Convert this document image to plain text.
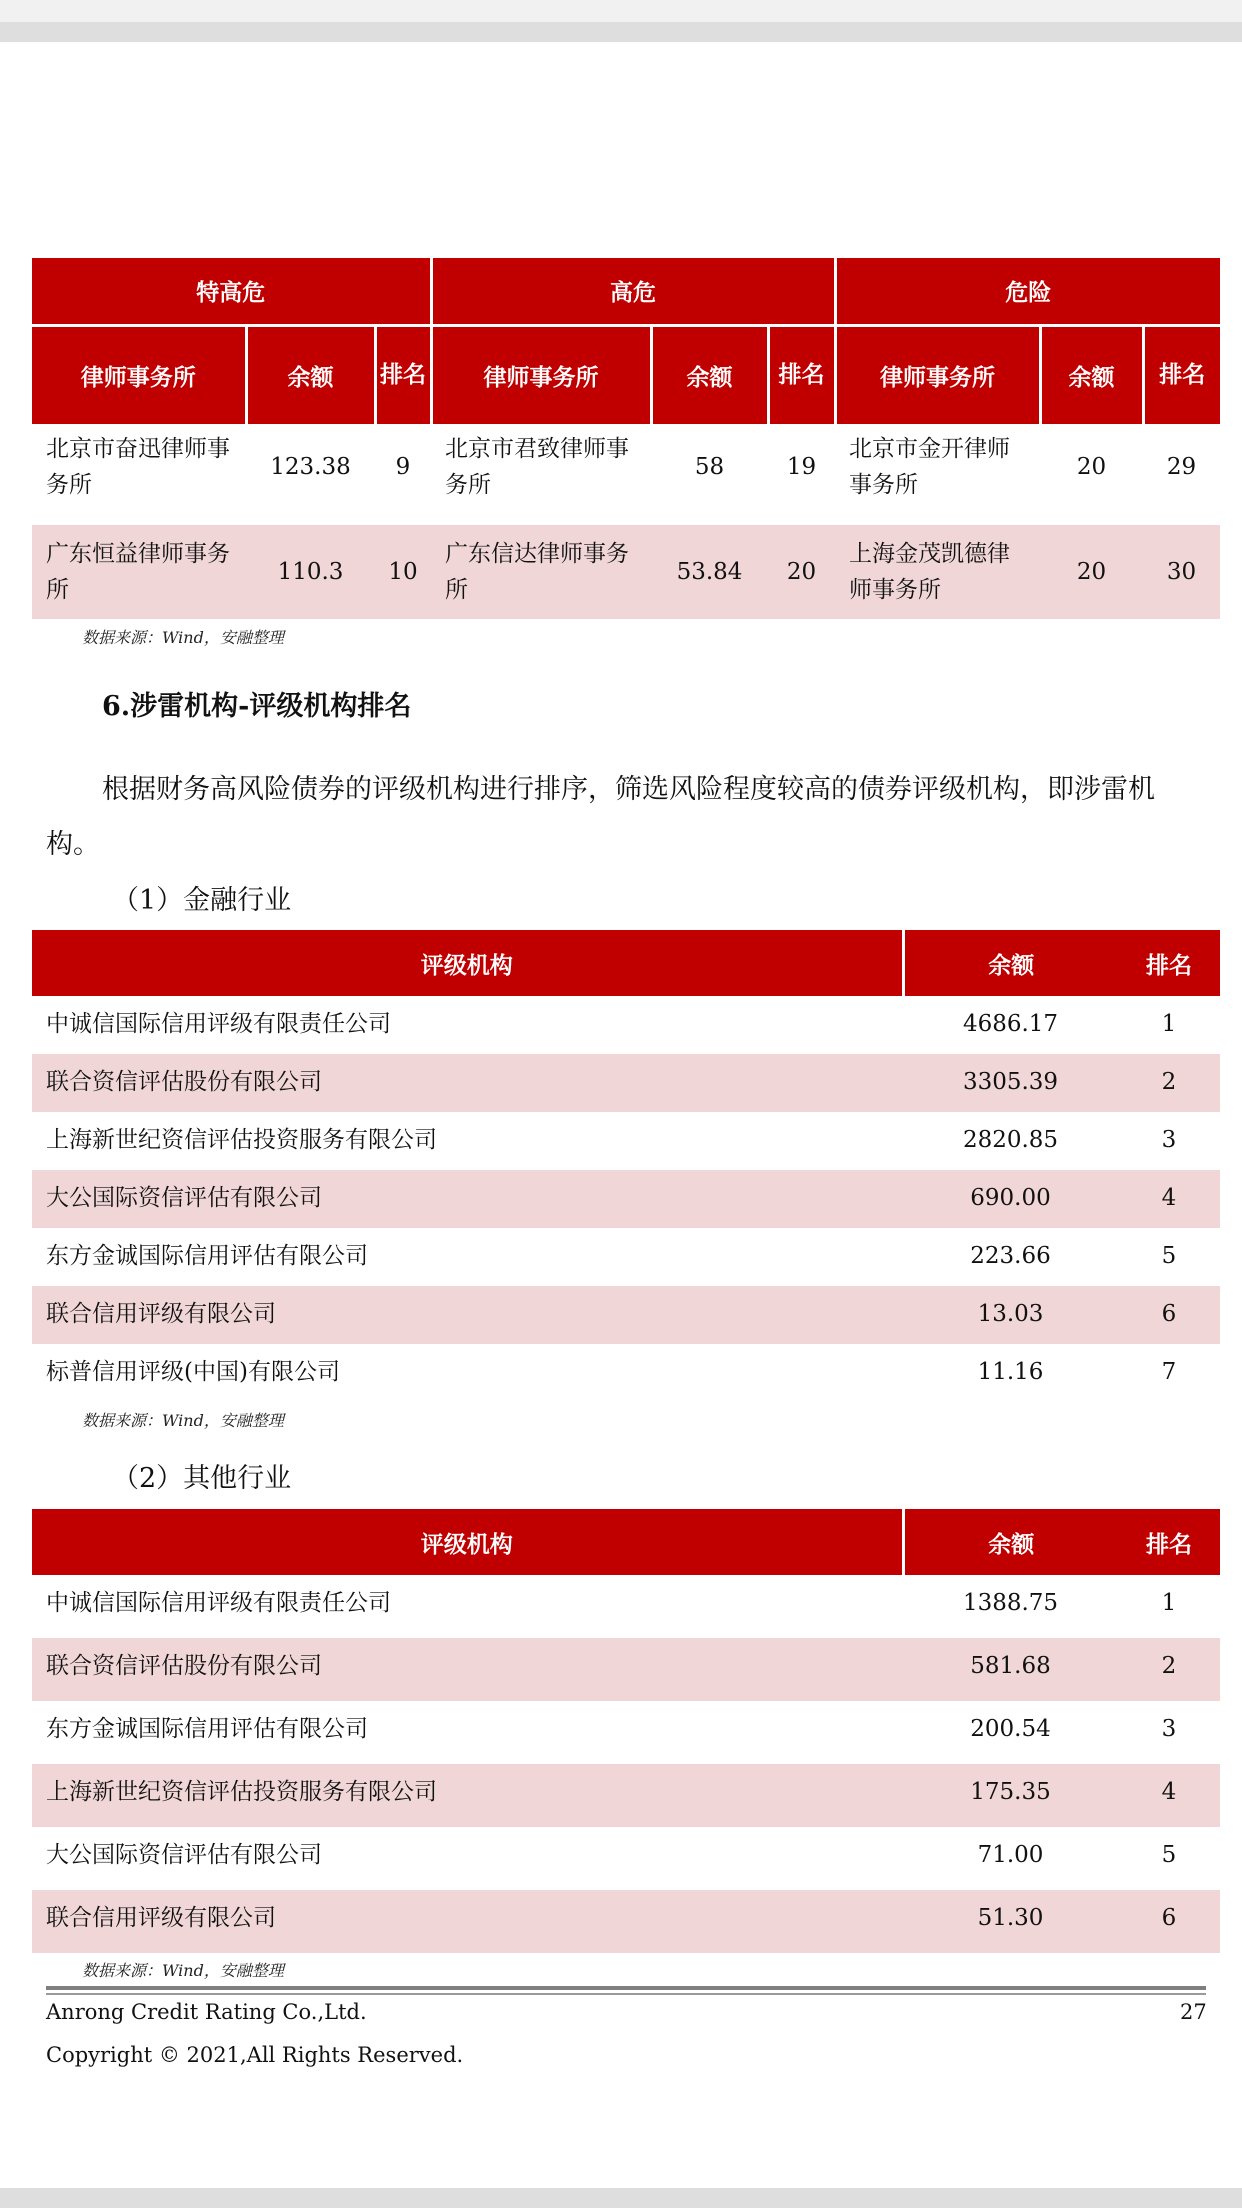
特高危			高危			危险		
律师事务所	余额	排名	律师事务所	余额	排名	律师事务所	余额	排名
北京市奋迅律师事务所	123.38	9	北京市君致律师事务所	58	19	北京市金开律师事务所	20	29

广东恒益律师事务所	110.3	10	广东信达律师事务所	53.84	20	上海金茂凯德律师事务所	20	30
数据来源：Wind，安融整理
6.涉雷机构-评级机构排名
根据财务高风险债券的评级机构进行排序，筛选风险程度较高的债券评级机构，即涉雷机构。
（1）金融行业
评级机构	余额	排名
中诚信国际信用评级有限责任公司	4686.17	1
联合资信评估股份有限公司	3305.39	2
上海新世纪资信评估投资服务有限公司	2820.85	3
大公国际资信评估有限公司	690.00	4
东方金诚国际信用评估有限公司	223.66	5
联合信用评级有限公司	13.03	6
标普信用评级(中国)有限公司	11.16	7
数据来源：Wind，安融整理
（2）其他行业
评级机构	余额	排名
中诚信国际信用评级有限责任公司	1388.75	1
联合资信评估股份有限公司	581.68	2
东方金诚国际信用评估有限公司	200.54	3
上海新世纪资信评估投资服务有限公司	175.35	4
大公国际资信评估有限公司	71.00	5
联合信用评级有限公司	51.30	6
数据来源：Wind，安融整理
Anrong Credit Rating Co.,Ltd.	27
Copyright © 2021,All Rights Reserved.
